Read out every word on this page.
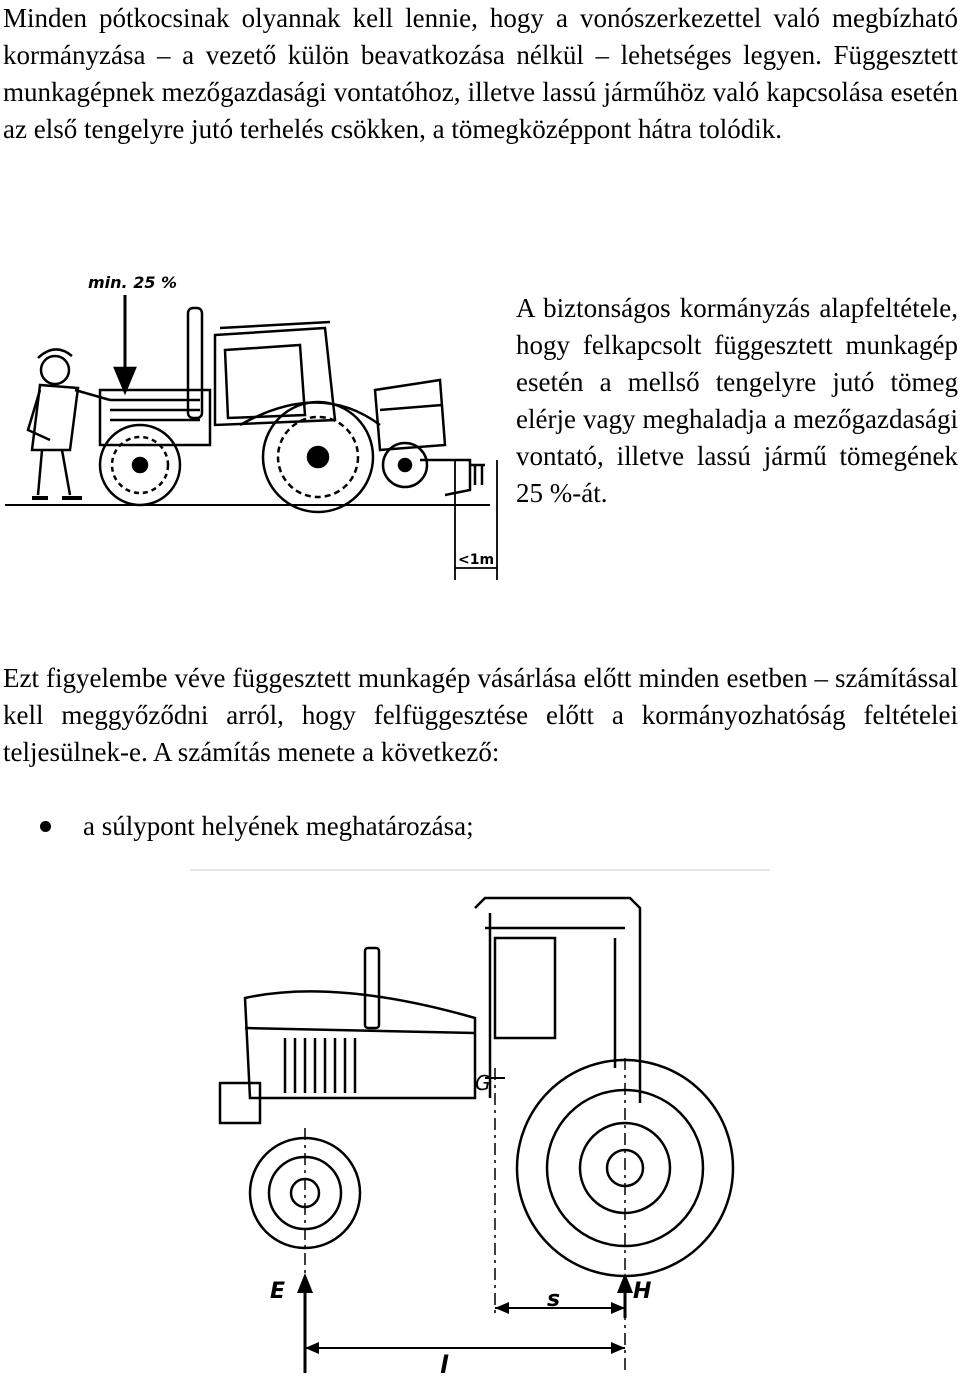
Minden pótkocsinak olyannak kell lennie, hogy a vonószerkezettel való megbízható kormányzása – a vezető külön beavatkozása nélkül – lehetséges legyen. Függesztett munkagépnek mezőgazdasági vontatóhoz, illetve lassú járműhöz való kapcsolása esetén az első tengelyre jutó terhelés csökken, a tömegközéppont hátra tolódik.

min. 25 %
<1m

A biztonságos kormányzás alapfeltétele, hogy felkapcsolt függesztett munkagép esetén a mellső tengelyre jutó tömeg elérje vagy meghaladja a mezőgazdasági vontató, illetve lassú jármű tömegének 25 %-át.

Ezt figyelembe véve függesztett munkagép vásárlása előtt minden esetben – számítással kell meggyőződni arról, hogy felfüggesztése előtt a kormányozhatóság feltételei teljesülnek-e. A számítás menete a következő:

a súlypont helyének meghatározása;
G
E	H
s
l
